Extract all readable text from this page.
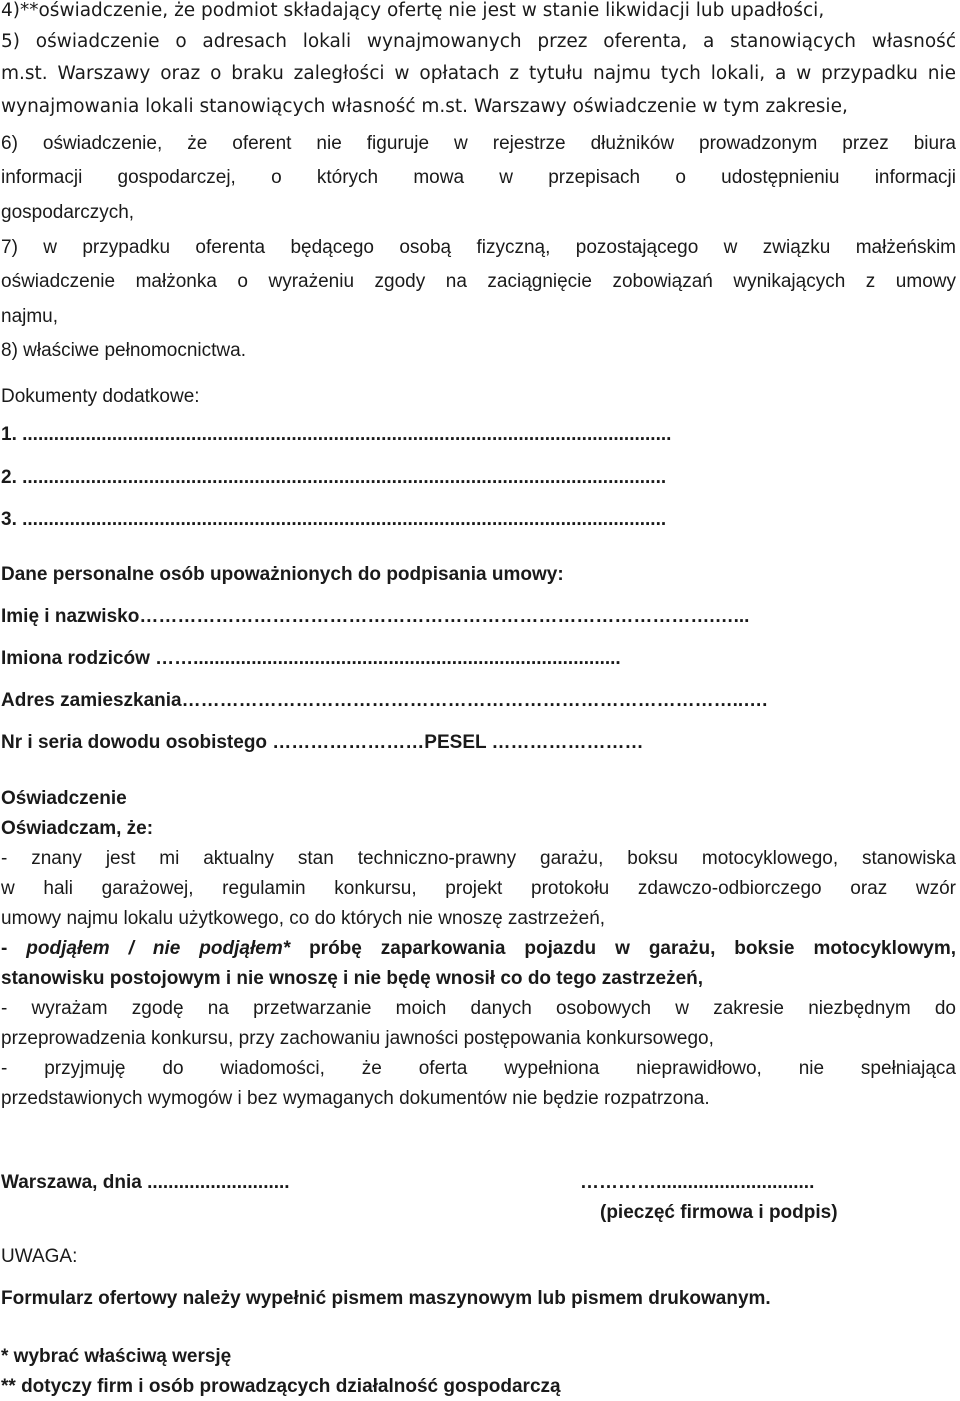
4)**oświadczenie, że podmiot składający ofertę nie jest w stanie likwidacji lub upadłości,
5) oświadczenie o adresach lokali wynajmowanych przez oferenta, a stanowiących własność
m.st. Warszawy oraz o braku zaległości w opłatach z tytułu najmu tych lokali, a w przypadku nie
wynajmowania lokali stanowiących własność m.st. Warszawy oświadczenie w tym zakresie,
6) oświadczenie, że oferent nie figuruje w rejestrze dłużników prowadzonym przez biura
informacji gospodarczej, o których mowa w przepisach o udostępnieniu informacji
gospodarczych,
7) w przypadku oferenta będącego osobą fizyczną, pozostającego w związku małżeńskim
oświadczenie małżonka o wyrażeniu zgody na zaciągnięcie zobowiązań wynikających z umowy
najmu,
8) właściwe pełnomocnictwa.
Dokumenty dodatkowe:
1. ...........................................................................................................................
2. ..........................................................................................................................
3. ..........................................................................................................................
Dane personalne osób upoważnionych do podpisania umowy:
Imię i nazwisko……………………………………………………………………………….…...
Imiona rodziców …….................................................................................
Adres zamieszkania……………………………………………………………………………..….
Nr i seria dowodu osobistego ……………………PESEL ……………………
Oświadczenie
Oświadczam, że:
- znany jest mi aktualny stan techniczno-prawny garażu, boksu motocyklowego, stanowiska
w hali garażowej, regulamin konkursu, projekt protokołu zdawczo-odbiorczego oraz wzór
umowy najmu lokalu użytkowego, co do których nie wnoszę zastrzeżeń,
- podjąłem / nie podjąłem* próbę zaparkowania pojazdu w garażu, boksie motocyklowym,
stanowisku postojowym i nie wnoszę i nie będę wnosił co do tego zastrzeżeń,
- wyrażam zgodę na przetwarzanie moich danych osobowych w zakresie niezbędnym do
przeprowadzenia konkursu, przy zachowaniu jawności postępowania konkursowego,
- przyjmuję do wiadomości, że oferta wypełniona nieprawidłowo, nie spełniająca
przedstawionych wymogów i bez wymaganych dokumentów nie będzie rozpatrzona.
Warszawa, dnia ...........................	…………..............................
(pieczęć firmowa i podpis)
UWAGA:
Formularz ofertowy należy wypełnić pismem maszynowym lub pismem drukowanym.
* wybrać właściwą wersję
** dotyczy firm i osób prowadzących działalność gospodarczą
